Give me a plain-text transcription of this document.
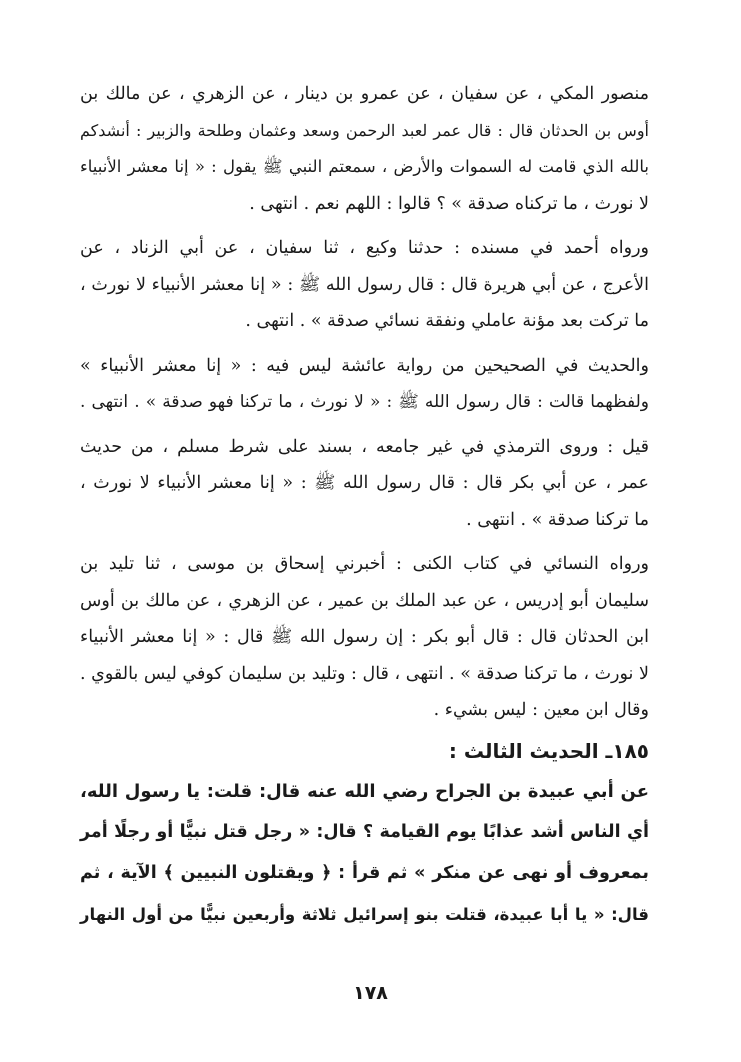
منصور المكي ، عن سفيان ، عن عمرو بن دينار ، عن الزهري ، عن مالك بن
أوس بن الحدثان قال : قال عمر لعبد الرحمن وسعد وعثمان وطلحة والزبير : أنشدكم
بالله الذي قامت له السموات والأرض ، سمعتم النبي ﷺ يقول : « إنا معشر الأنبياء
لا نورث ، ما تركناه صدقة » ؟ قالوا : اللهم نعم . انتهى .
ورواه أحمد في مسنده : حدثنا وكيع ، ثنا سفيان ، عن أبي الزناد ، عن
الأعرج ، عن أبي هريرة قال : قال رسول الله ﷺ : « إنا معشر الأنبياء لا نورث ،
ما تركت بعد مؤنة عاملي ونفقة نسائي صدقة » . انتهى .
والحديث في الصحيحين من رواية عائشة ليس فيه : « إنا معشر الأنبياء »
ولفظهما قالت : قال رسول الله ﷺ : « لا نورث ، ما تركنا فهو صدقة » . انتهى .
قيل : وروى الترمذي في غير جامعه ، بسند على شرط مسلم ، من حديث
عمر ، عن أبي بكر قال : قال رسول الله ﷺ : « إنا معشر الأنبياء لا نورث ،
ما تركنا صدقة » . انتهى .
ورواه النسائي في كتاب الكنى : أخبرني إسحاق بن موسى ، ثنا تليد بن
سليمان أبو إدريس ، عن عبد الملك بن عمير ، عن الزهري ، عن مالك بن أوس
ابن الحدثان قال : قال أبو بكر : إن رسول الله ﷺ قال : « إنا معشر الأنبياء
لا نورث ، ما تركنا صدقة » . انتهى ، قال : وتليد بن سليمان كوفي ليس بالقوي .
وقال ابن معين : ليس بشيء .
١٨٥ـ الحديث الثالث :
عن أبي عبيدة بن الجراح رضي الله عنه قال: قلت: يا رسول الله،
أي الناس أشد عذابًا يوم القيامة ؟ قال: « رجل قتل نبيًّا أو رجلًا أمر
بمعروف أو نهى عن منكر » ثم قرأ : ﴿ ويقتلون النبيين ﴾ الآية ، ثم
قال: « يا أبا عبيدة، قتلت بنو إسرائيل ثلاثة وأربعين نبيًّا من أول النهار
١٧٨
